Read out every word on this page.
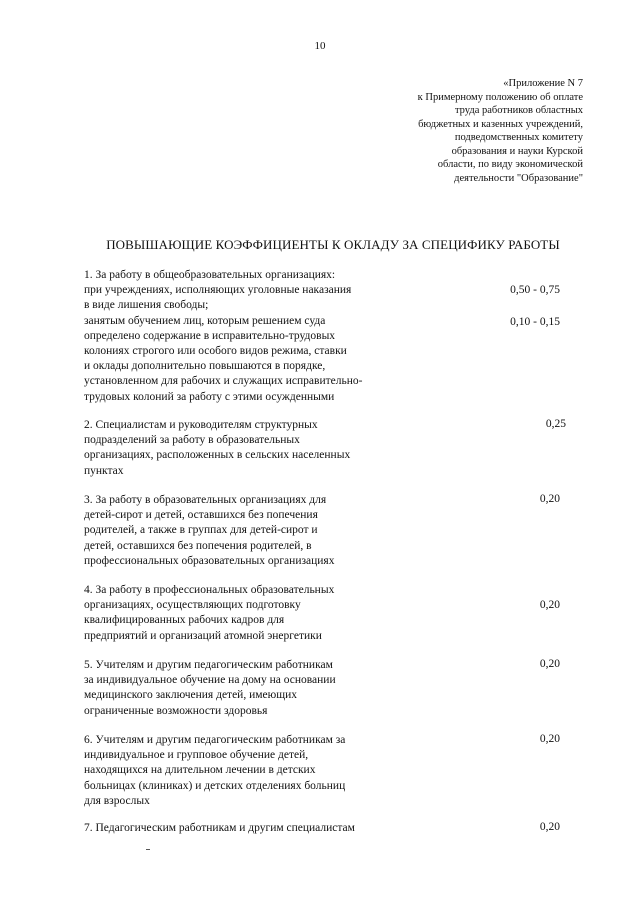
10
«Приложение N 7
к Примерному положению об оплате
труда работников областных
бюджетных и казенных учреждений,
подведомственных комитету
образования и науки Курской
области, по виду экономической
деятельности "Образование"
ПОВЫШАЮЩИЕ КОЭФФИЦИЕНТЫ К ОКЛАДУ ЗА СПЕЦИФИКУ РАБОТЫ
1. За работу в общеобразовательных организациях:
при учреждениях, исполняющих уголовные наказания
в виде лишения свободы;
занятым обучением лиц, которым решением суда
определено содержание в исправительно-трудовых
колониях строгого или особого видов режима, ставки
и оклады дополнительно повышаются в порядке,
установленном для рабочих и служащих исправительно-
трудовых колоний за работу с этими осужденными
0,50 - 0,75
0,10 - 0,15
2. Специалистам и руководителям структурных
подразделений за работу в образовательных
организациях, расположенных в сельских населенных
пунктах
0,25
3. За работу в образовательных организациях для
детей-сирот и детей, оставшихся без попечения
родителей, а также в группах для детей-сирот и
детей, оставшихся без попечения родителей, в
профессиональных образовательных организациях
0,20
4. За работу в профессиональных образовательных
организациях, осуществляющих подготовку
квалифицированных рабочих кадров для
предприятий и организаций атомной энергетики
0,20
5. Учителям и другим педагогическим работникам
за индивидуальное обучение на дому на основании
медицинского заключения детей, имеющих
ограниченные возможности здоровья
0,20
6. Учителям и другим педагогическим работникам за
индивидуальное и групповое обучение детей,
находящихся на длительном лечении в детских
больницах (клиниках) и детских отделениях больниц
для взрослых
0,20
7. Педагогическим работникам и другим специалистам	0,20
